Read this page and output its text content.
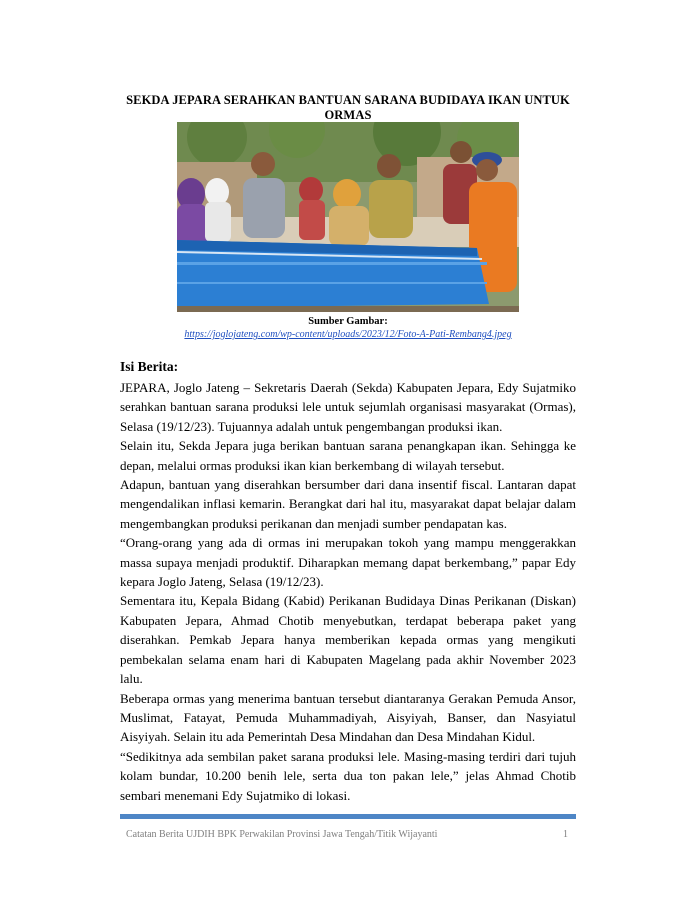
SEKDA JEPARA SERAHKAN BANTUAN SARANA BUDIDAYA IKAN UNTUK ORMAS
Sumber Gambar:
https://joglojateng.com/wp-content/uploads/2023/12/Foto-A-Pati-Rembang4.jpeg
Isi Berita:

JEPARA, Joglo Jateng – Sekretaris Daerah (Sekda) Kabupaten Jepara, Edy Sujatmiko serahkan bantuan sarana produksi lele untuk sejumlah organisasi masyarakat (Ormas), Selasa (19/12/23). Tujuannya adalah untuk pengembangan produksi ikan.

Selain itu, Sekda Jepara juga berikan bantuan sarana penangkapan ikan. Sehingga ke depan, melalui ormas produksi ikan kian berkembang di wilayah tersebut.

Adapun, bantuan yang diserahkan bersumber dari dana insentif fiscal. Lantaran dapat mengendalikan inflasi kemarin. Berangkat dari hal itu, masyarakat dapat belajar dalam mengembangkan produksi perikanan dan menjadi sumber pendapatan kas.

“Orang-orang yang ada di ormas ini merupakan tokoh yang mampu menggerakkan massa supaya menjadi produktif. Diharapkan memang dapat berkembang,” papar Edy kepara Joglo Jateng, Selasa (19/12/23).

Sementara itu, Kepala Bidang (Kabid) Perikanan Budidaya Dinas Perikanan (Diskan) Kabupaten Jepara, Ahmad Chotib menyebutkan, terdapat beberapa paket yang diserahkan. Pemkab Jepara hanya memberikan kepada ormas yang mengikuti pembekalan selama enam hari di Kabupaten Magelang pada akhir November 2023 lalu.

Beberapa ormas yang menerima bantuan tersebut diantaranya Gerakan Pemuda Ansor, Muslimat, Fatayat, Pemuda Muhammadiyah, Aisyiyah, Banser, dan Nasyiatul Aisyiyah. Selain itu ada Pemerintah Desa Mindahan dan Desa Mindahan Kidul.

“Sedikitnya ada sembilan paket sarana produksi lele. Masing-masing terdiri dari tujuh kolam bundar, 10.200 benih lele, serta dua ton pakan lele,” jelas Ahmad Chotib sembari menemani Edy Sujatmiko di lokasi.

Catatan Berita UJDIH BPK Perwakilan Provinsi Jawa Tengah/Titik Wijayanti	1
